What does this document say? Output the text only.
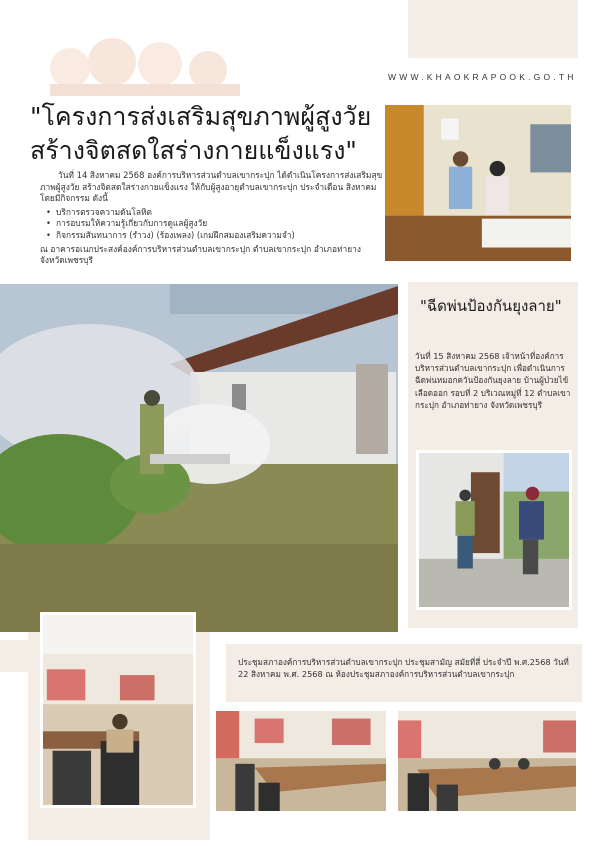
WWW.KHAOKRAPOOK.GO.TH
"โครงการส่งเสริมสุขภาพผู้สูงวัย
สร้างจิตสดใสร่างกายแข็งแรง"
วันที่ 14 สิงหาคม 2568 องค์การบริหารส่วนตำบลเขากระปุก ได้ดำเนินโครงการส่งเสริมสุขภาพผู้สูงวัย สร้างจิตสดใสร่างกายแข็งแรง ให้กับผู้สูงอายุตำบลเขากระปุก ประจำเดือน สิงหาคม โดยมีกิจกรรม ดังนี้
• บริการตรวจความดันโลหิต
• การอบรมให้ความรู้เกี่ยวกับการดูแลผู้สูงวัย
• กิจกรรมสันทนาการ (รำวง) (ร้องเพลง) (เกมฝึกสมองเสริมความจำ)
ณ อาคารอเนกประสงค์องค์การบริหารส่วนตำบลเขากระปุก ตำบลเขากระปุก อำเภอท่ายาง จังหวัดเพชรบุรี
"ฉีดพ่นป้องกันยุงลาย"
วันที่ 15 สิงหาคม 2568 เจ้าหน้าที่องค์การบริหารส่วนตำบลเขากระปุก เพื่อดำเนินการฉีดพ่นหมอกควันป้องกันยุงลาย บ้านผู้ป่วยไข้เลือดออก รอบที่ 2 บริเวณหมู่ที่ 12 ตำบลเขากระปุก อำเภอท่ายาง จังหวัดเพชรบุรี
ประชุมสภาองค์การบริหารส่วนตำบลเขากระปุก ประชุมสามัญ สมัยที่สี่ ประจำปี พ.ศ.2568 วันที่ 22 สิงหาคม พ.ศ. 2568 ณ ห้องประชุมสภาองค์การบริหารส่วนตำบลเขากระปุก
